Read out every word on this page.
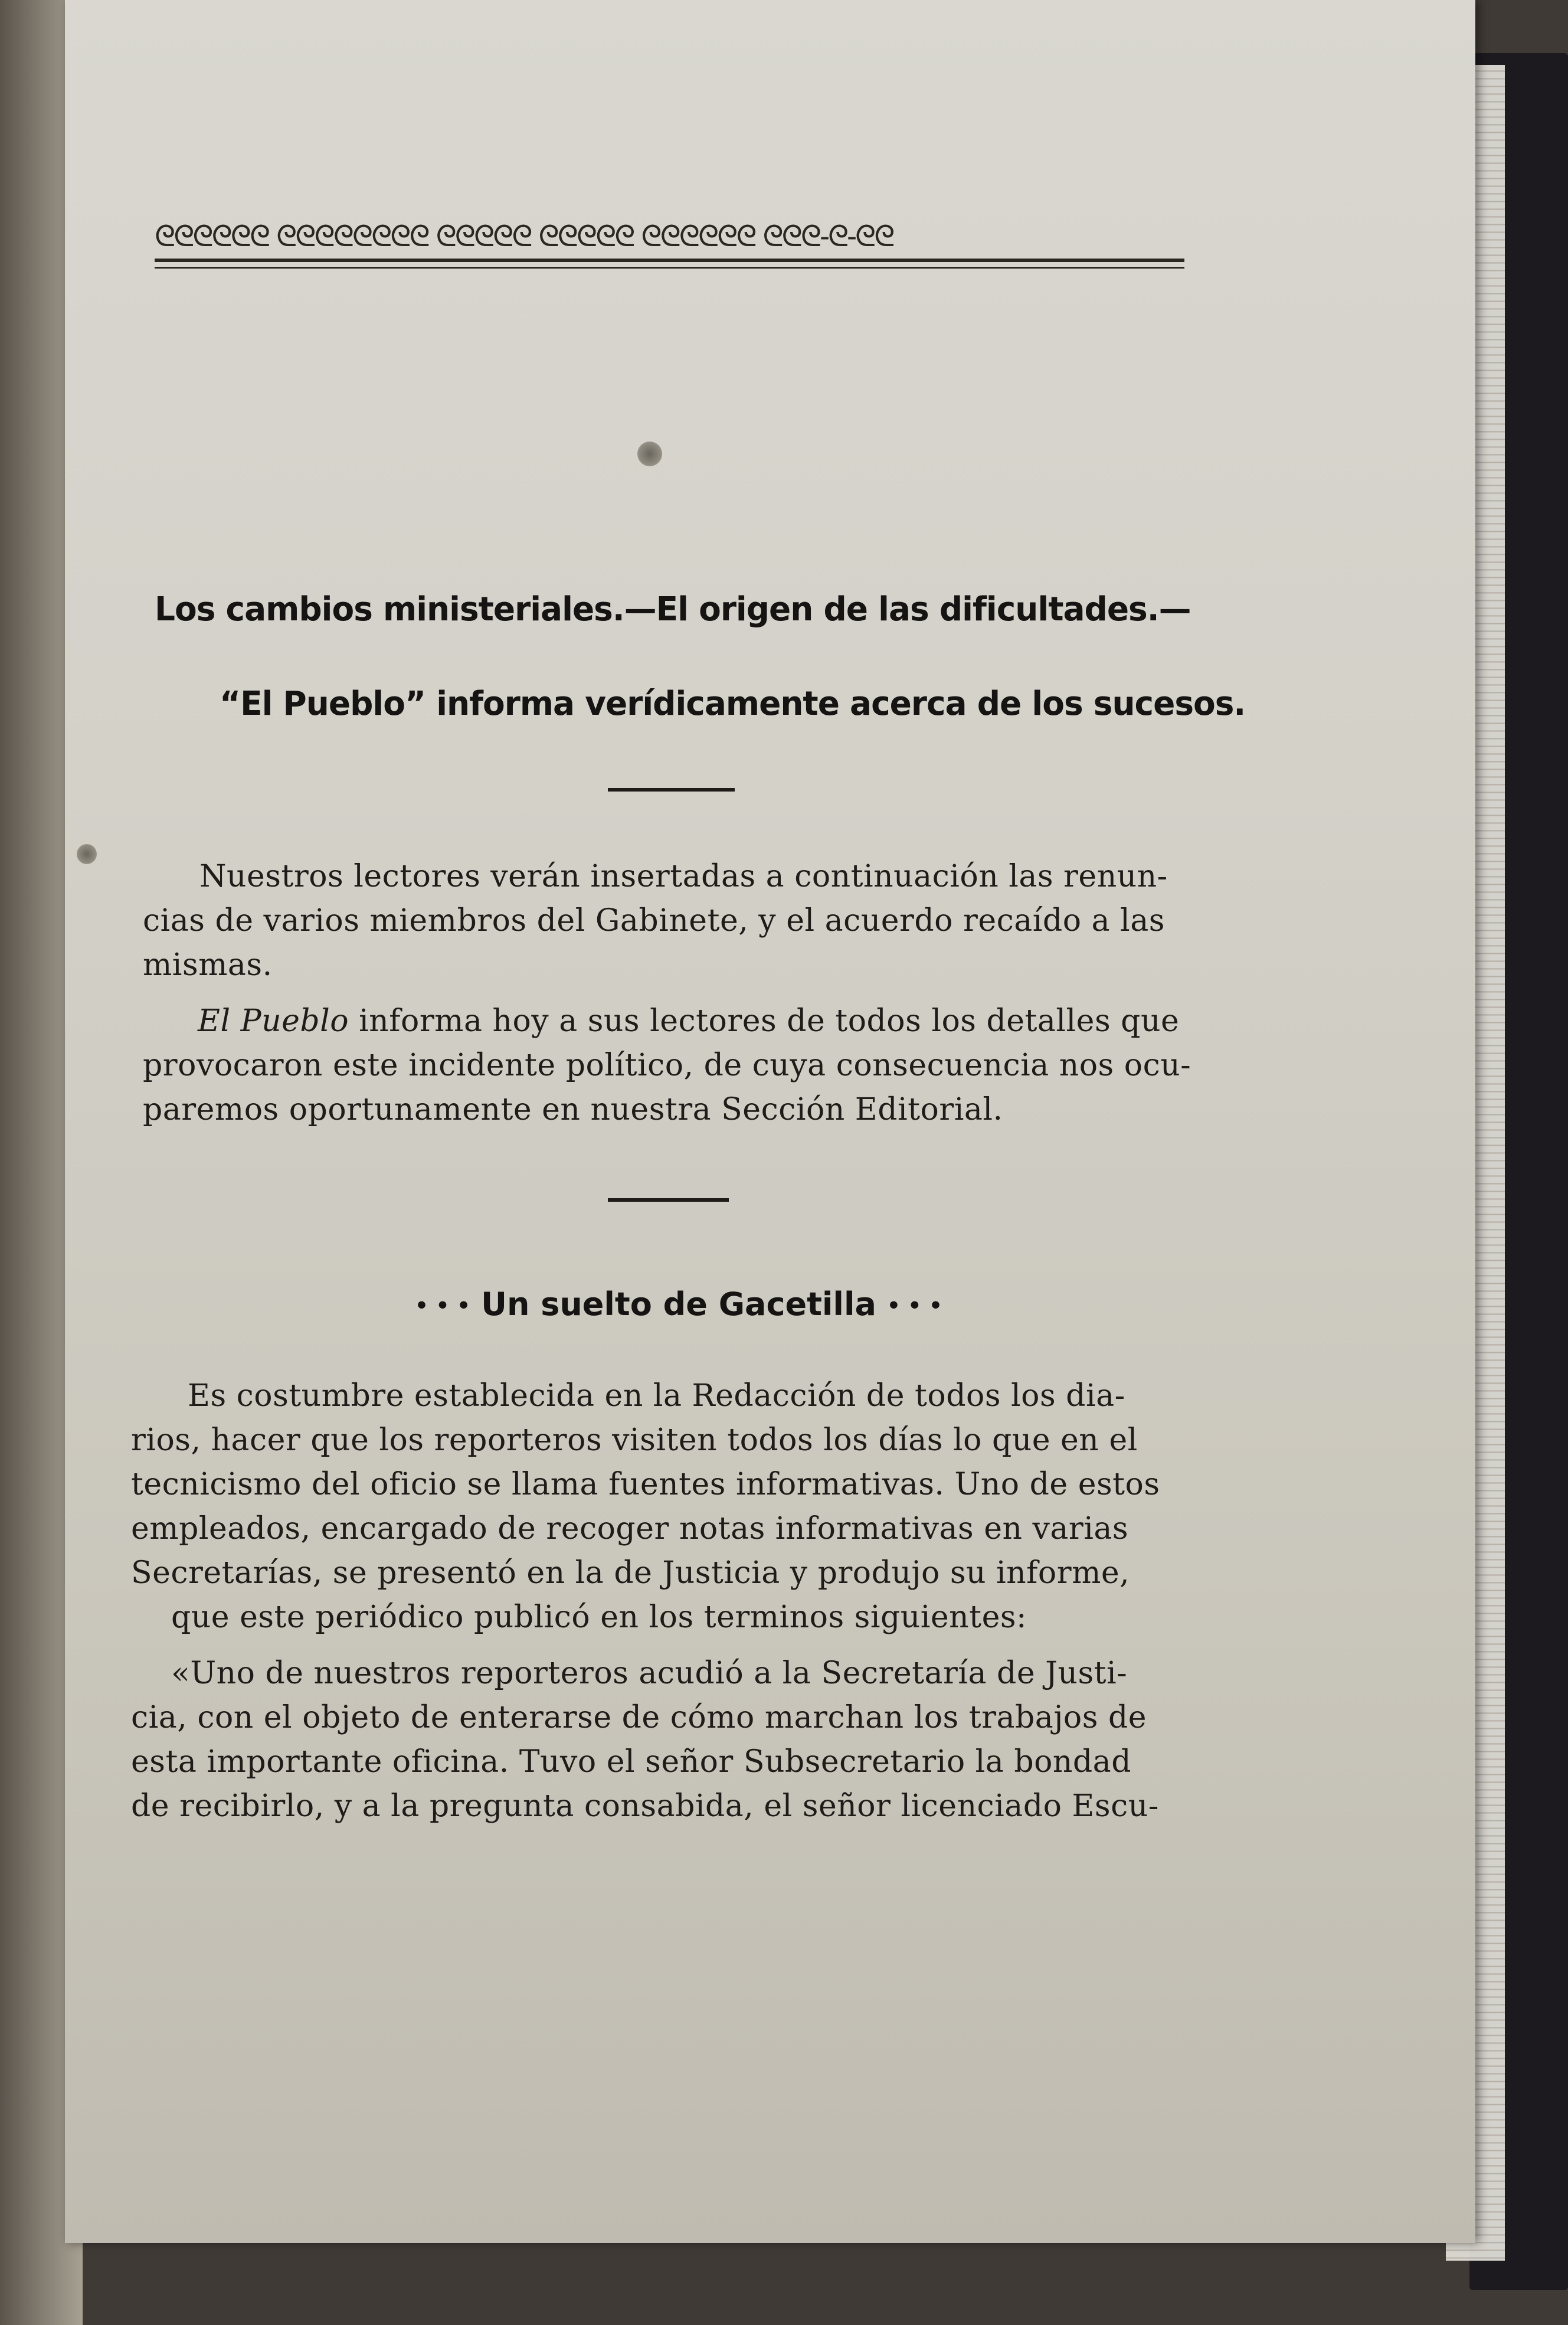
ᘓᘓᘓᘓᘓᘓ ᘓᘓᘓᘓᘓᘓᘓᘓ ᘓᘓᘓᘓᘓ ᘓᘓᘓᘓᘓ ᘓᘓᘓᘓᘓᘓ ᘓᘓᘓ-ᘓ-ᘓᘓ
Los cambios ministeriales.—El origen de las dificultades.—
“El Pueblo” informa verídicamente acerca de los sucesos.
Nuestros lectores verán insertadas a continuación las renun-
cias de varios miembros del Gabinete, y el acuerdo recaído a las
mismas.
El Pueblo informa hoy a sus lectores de todos los detalles que
provocaron este incidente político, de cuya consecuencia nos ocu-
paremos oportunamente en nuestra Sección Editorial.
• • • Un suelto de Gacetilla • • •
Es costumbre establecida en la Redacción de todos los dia-
rios, hacer que los reporteros visiten todos los días lo que en el
tecnicismo del oficio se llama fuentes informativas. Uno de estos
empleados, encargado de recoger notas informativas en varias
Secretarías, se presentó en la de Justicia y produjo su informe,
que este periódico publicó en los terminos siguientes:
«Uno de nuestros reporteros acudió a la Secretaría de Justi-
cia, con el objeto de enterarse de cómo marchan los trabajos de
esta importante oficina. Tuvo el señor Subsecretario la bondad
de recibirlo, y a la pregunta consabida, el señor licenciado Escu-
